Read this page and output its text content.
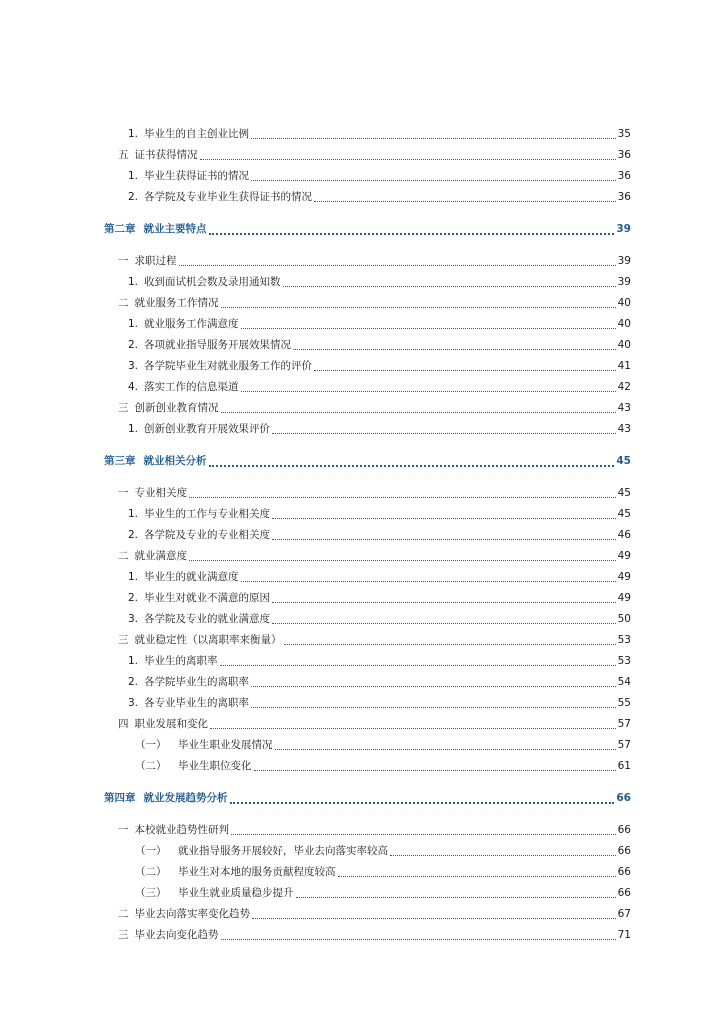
1. 毕业生的自主创业比例	35
五 证书获得情况	36
1. 毕业生获得证书的情况	36
2. 各学院及专业毕业生获得证书的情况	36
第二章 就业主要特点	39
一 求职过程	39
1. 收到面试机会数及录用通知数	39
二 就业服务工作情况	40
1. 就业服务工作满意度	40
2. 各项就业指导服务开展效果情况	40
3. 各学院毕业生对就业服务工作的评价	41
4. 落实工作的信息渠道	42
三 创新创业教育情况	43
1. 创新创业教育开展效果评价	43
第三章 就业相关分析	45
一 专业相关度	45
1. 毕业生的工作与专业相关度	45
2. 各学院及专业的专业相关度	46
二 就业满意度	49
1. 毕业生的就业满意度	49
2. 毕业生对就业不满意的原因	49
3. 各学院及专业的就业满意度	50
三 就业稳定性（以离职率来衡量）	53
1. 毕业生的离职率	53
2. 各学院毕业生的离职率	54
3. 各专业毕业生的离职率	55
四 职业发展和变化	57
（一）	毕业生职业发展情况	57
（二）	毕业生职位变化	61
第四章 就业发展趋势分析	66
一 本校就业趋势性研判	66
（一）	就业指导服务开展较好，毕业去向落实率较高	66
（二）	毕业生对本地的服务贡献程度较高	66
（三）	毕业生就业质量稳步提升	66
二 毕业去向落实率变化趋势	67
三 毕业去向变化趋势	71
